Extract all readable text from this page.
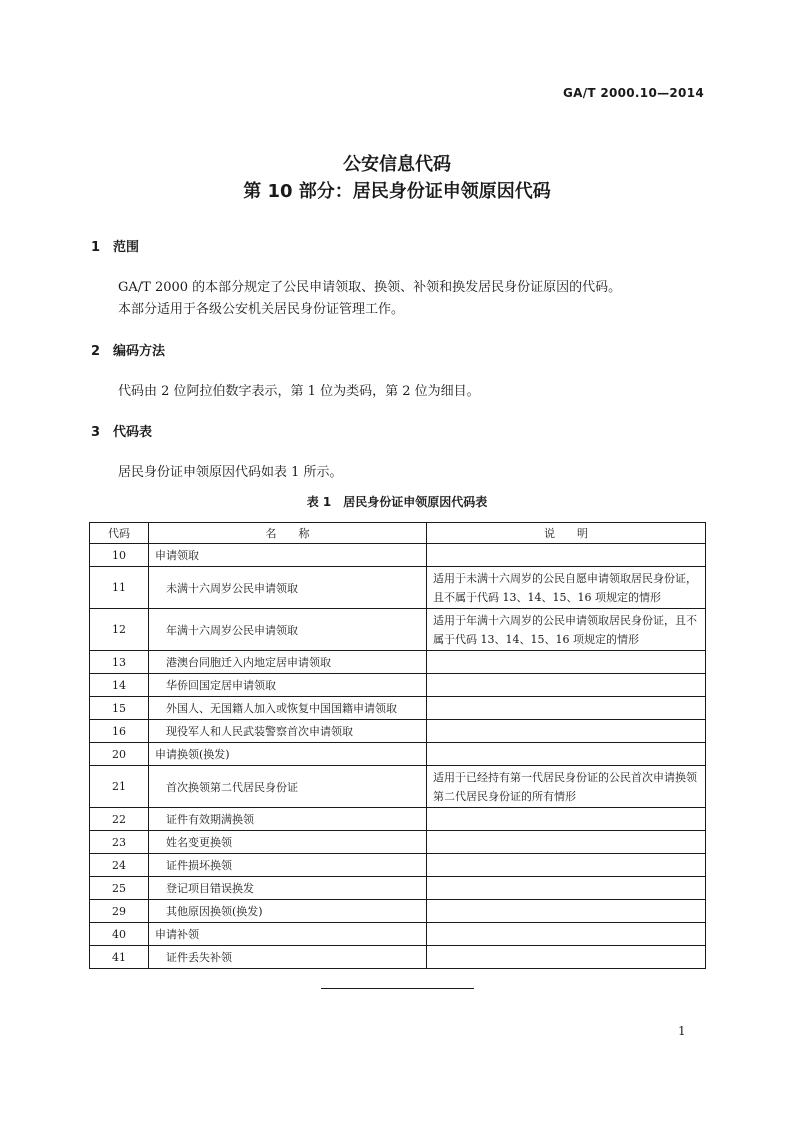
GA/T 2000.10—2014
公安信息代码
第 10 部分：居民身份证申领原因代码
1 范围
GA/T 2000 的本部分规定了公民申请领取、换领、补领和换发居民身份证原因的代码。
本部分适用于各级公安机关居民身份证管理工作。
2 编码方法
代码由 2 位阿拉伯数字表示，第 1 位为类码，第 2 位为细目。
3 代码表
居民身份证申领原因代码如表 1 所示。
表 1　居民身份证申领原因代码表
代码	名　　称	说　　明
10	申请领取	
11	未满十六周岁公民申请领取	适用于未满十六周岁的公民自愿申请领取居民身份证，且不属于代码 13、14、15、16 项规定的情形
12	年满十六周岁公民申请领取	适用于年满十六周岁的公民申请领取居民身份证，且不属于代码 13、14、15、16 项规定的情形
13	港澳台同胞迁入内地定居申请领取	
14	华侨回国定居申请领取	
15	外国人、无国籍人加入或恢复中国国籍申请领取	
16	现役军人和人民武装警察首次申请领取	
20	申请换领(换发)	
21	首次换领第二代居民身份证	适用于已经持有第一代居民身份证的公民首次申请换领第二代居民身份证的所有情形
22	证件有效期满换领	
23	姓名变更换领	
24	证件损坏换领	
25	登记项目错误换发	
29	其他原因换领(换发)	
40	申请补领	
41	证件丢失补领	
1
